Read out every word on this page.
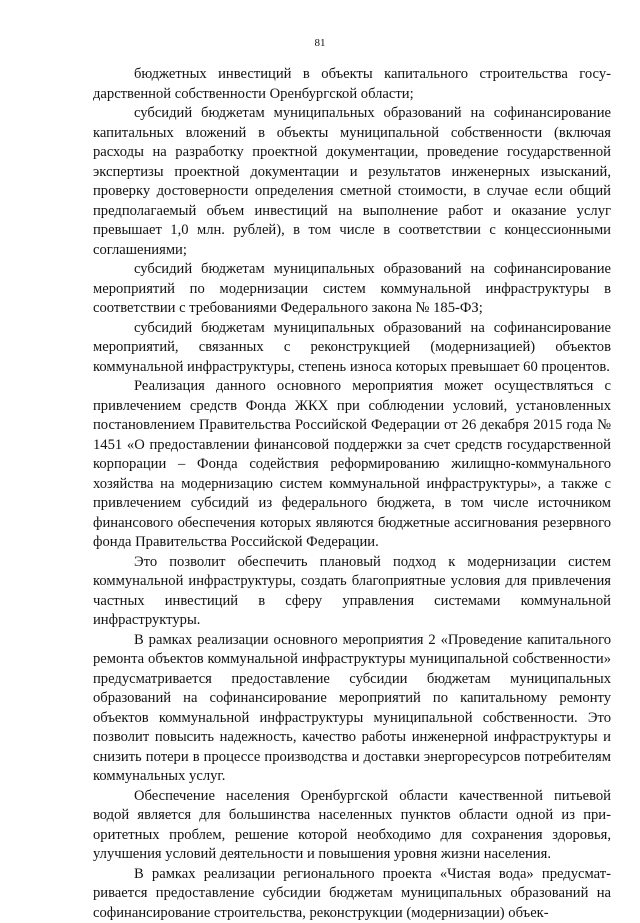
81

бюджетных инвестиций в объекты капитального строительства государственной собственности Оренбургской области;

субсидий бюджетам муниципальных образований на софинансирование капитальных вложений в объекты муниципальной собственности (включая расходы на разработку проектной документации, проведение государственной экспертизы проектной документации и результатов инженерных изысканий, проверку достоверности определения сметной стоимости, в случае если общий предполагаемый объем инвестиций на выполнение работ и оказание услуг превышает 1,0 млн. рублей), в том числе в соответствии с концессионными соглашениями;

субсидий бюджетам муниципальных образований на софинансирование мероприятий по модернизации систем коммунальной инфраструктуры в соответствии с требованиями Федерального закона № 185-ФЗ;

субсидий бюджетам муниципальных образований на софинансирование мероприятий, связанных с реконструкцией (модернизацией) объектов коммунальной инфраструктуры, степень износа которых превышает 60 процентов.

Реализация данного основного мероприятия может осуществляться с привлечением средств Фонда ЖКХ при соблюдении условий, установленных постановлением Правительства Российской Федерации от 26 декабря 2015 года № 1451 «О предоставлении финансовой поддержки за счет средств государственной корпорации – Фонда содействия реформированию жилищно-коммунального хозяйства на модернизацию систем коммунальной инфраструктуры», а также с привлечением субсидий из федерального бюджета, в том числе источником финансового обеспечения которых являются бюджетные ассигнования резервного фонда Правительства Российской Федерации.

Это позволит обеспечить плановый подход к модернизации систем коммунальной инфраструктуры, создать благоприятные условия для привлечения частных инвестиций в сферу управления системами коммунальной инфраструктуры.

В рамках реализации основного мероприятия 2 «Проведение капитального ремонта объектов коммунальной инфраструктуры муниципальной собственности» предусматривается предоставление субсидии бюджетам муниципальных образований на софинансирование мероприятий по капитальному ремонту объектов коммунальной инфраструктуры муниципальной собственности. Это позволит повысить надежность, качество работы инженерной инфраструктуры и снизить потери в процессе производства и доставки энергоресурсов потребителям коммунальных услуг.

Обеспечение населения Оренбургской области качественной питьевой водой является для большинства населенных пунктов области одной из приоритетных проблем, решение которой необходимо для сохранения здоровья, улучшения условий деятельности и повышения уровня жизни населения.

В рамках реализации регионального проекта «Чистая вода» предусматривается предоставление субсидии бюджетам муниципальных образований на софинансирование строительства, реконструкции (модернизации) объек-
